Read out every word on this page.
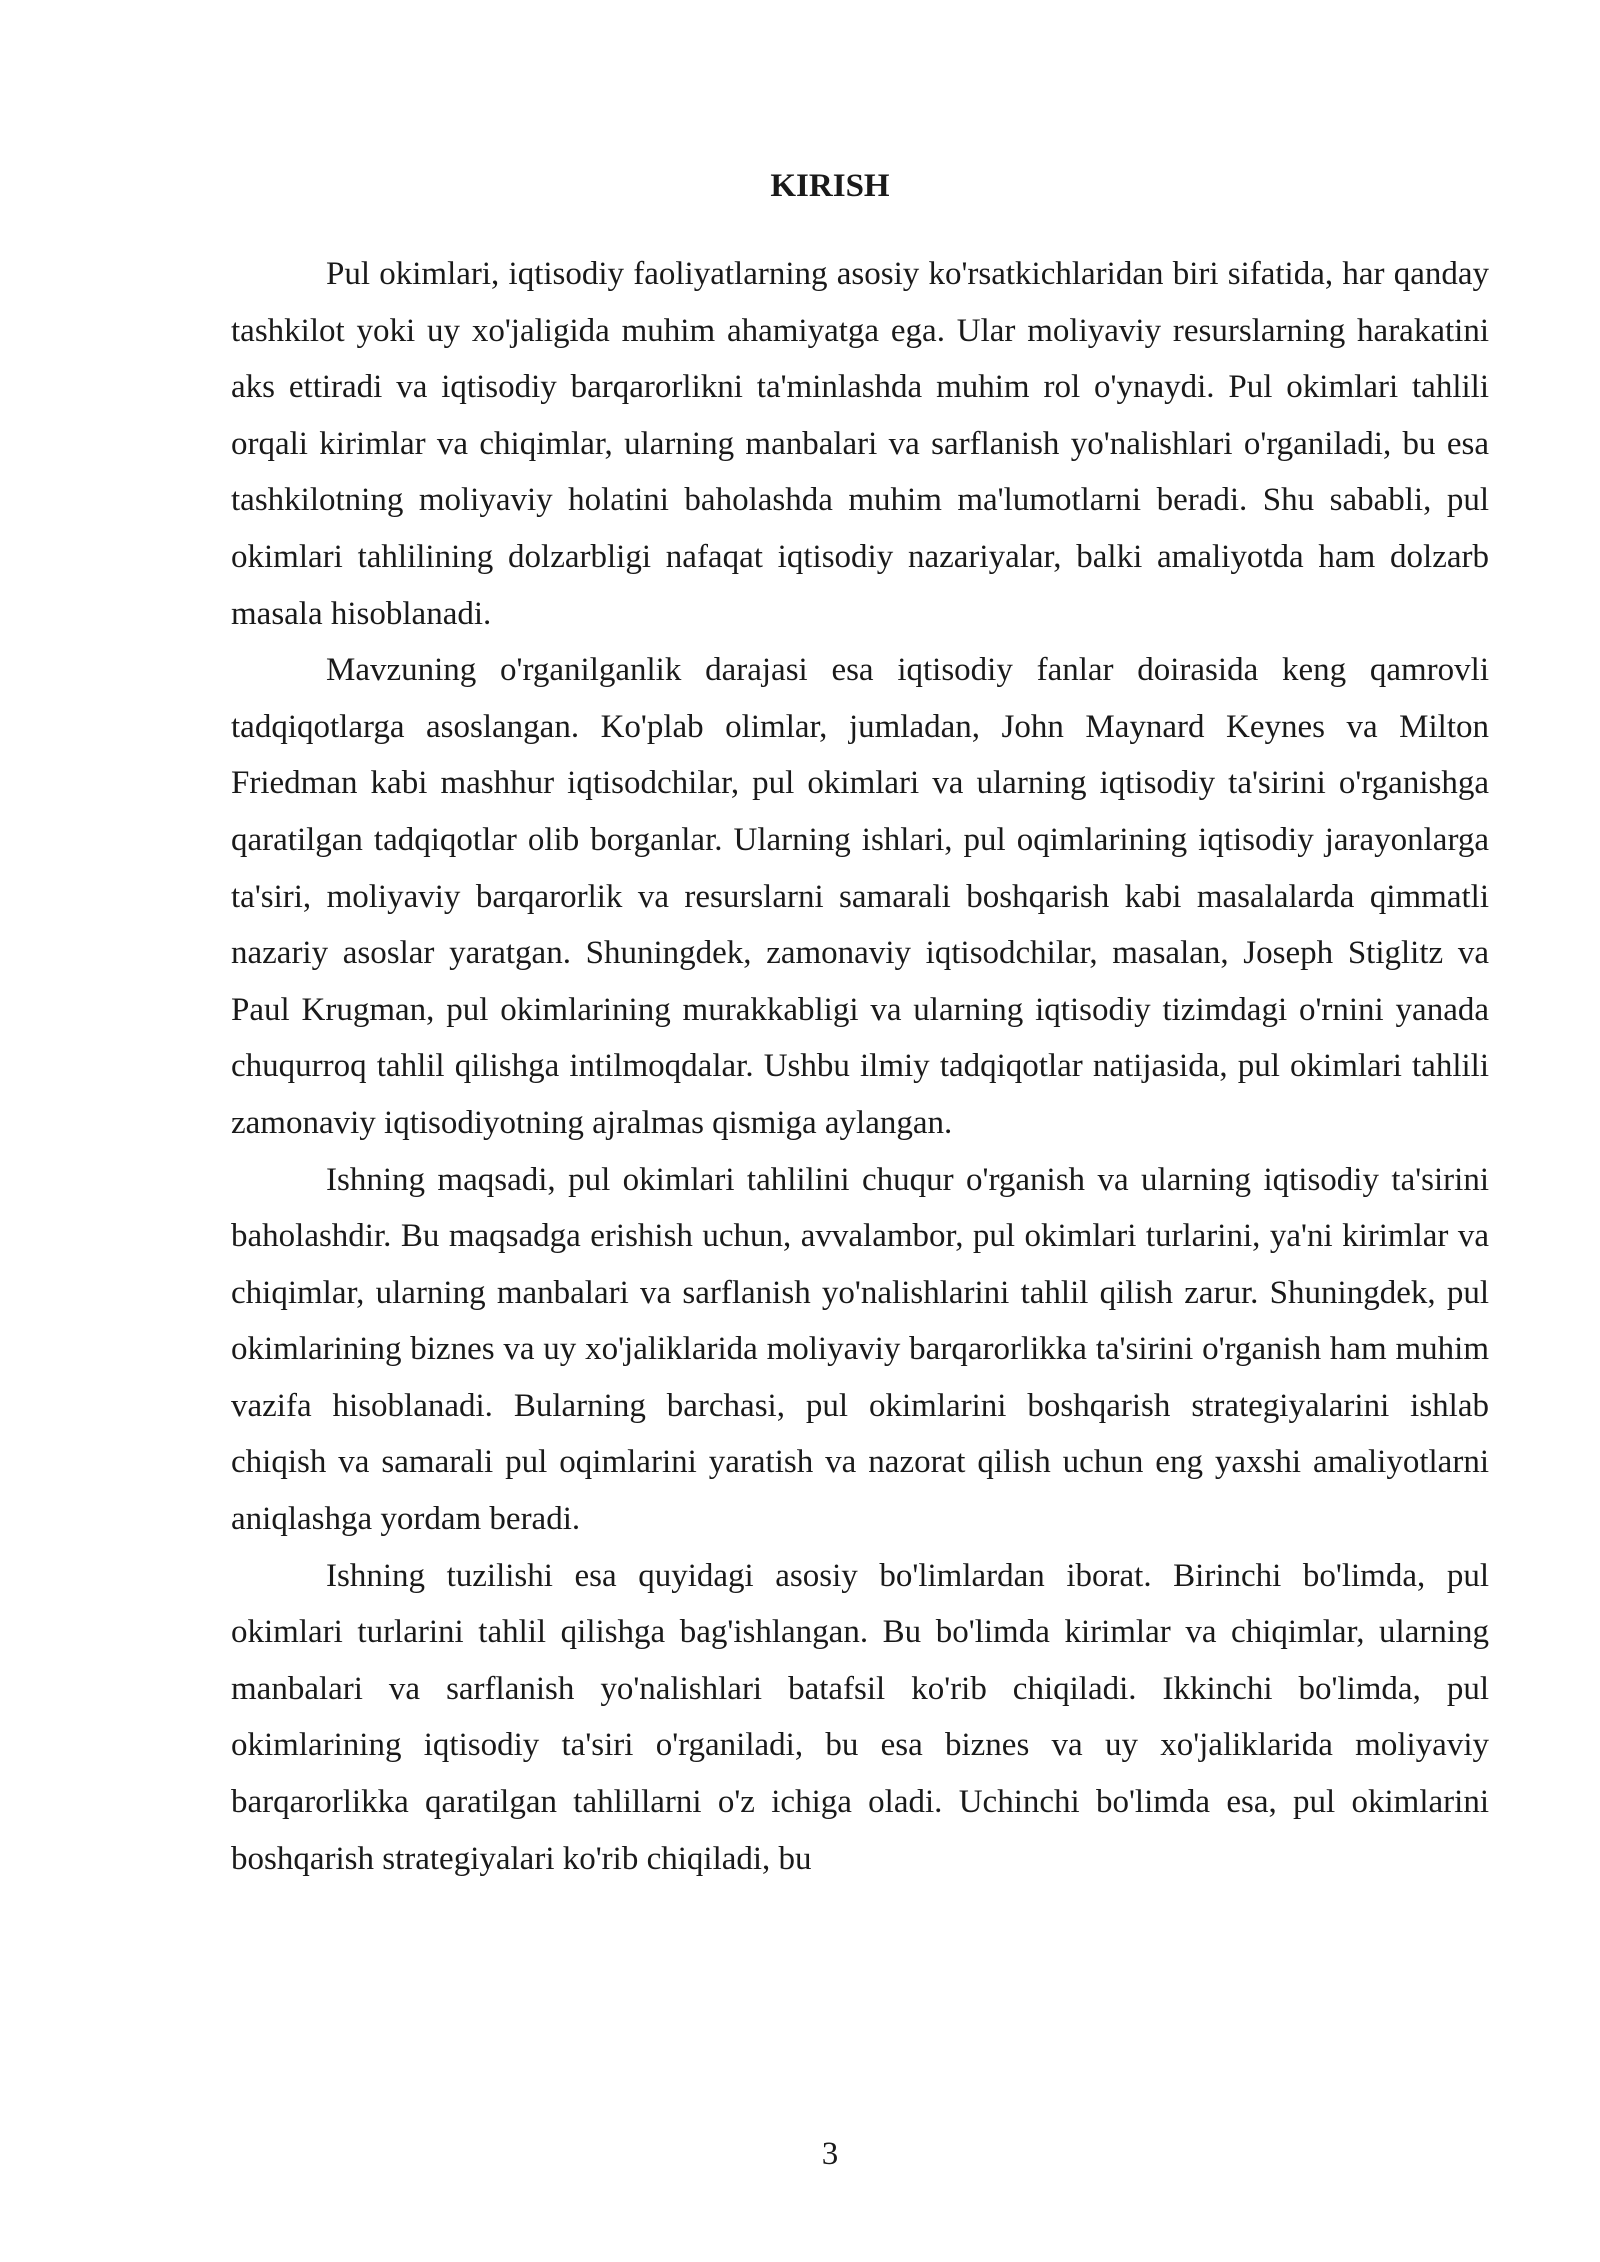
KIRISH

Pul okimlari, iqtisodiy faoliyatlarning asosiy ko'rsatkichlaridan biri sifatida, har qanday tashkilot yoki uy xo'jaligida muhim ahamiyatga ega. Ular moliyaviy resurslarning harakatini aks ettiradi va iqtisodiy barqarorlikni ta'minlashda muhim rol o'ynaydi. Pul okimlari tahlili orqali kirimlar va chiqimlar, ularning manbalari va sarflanish yo'nalishlari o'rganiladi, bu esa tashkilotning moliyaviy holatini baholashda muhim ma'lumotlarni beradi. Shu sababli, pul okimlari tahlilining dolzarbligi nafaqat iqtisodiy nazariyalar, balki amaliyotda ham dolzarb masala hisoblanadi.

Mavzuning o'rganilganlik darajasi esa iqtisodiy fanlar doirasida keng qamrovli tadqiqotlarga asoslangan. Ko'plab olimlar, jumladan, John Maynard Keynes va Milton Friedman kabi mashhur iqtisodchilar, pul okimlari va ularning iqtisodiy ta'sirini o'rganishga qaratilgan tadqiqotlar olib borganlar. Ularning ishlari, pul oqimlarining iqtisodiy jarayonlarga ta'siri, moliyaviy barqarorlik va resurslarni samarali boshqarish kabi masalalarda qimmatli nazariy asoslar yaratgan. Shuningdek, zamonaviy iqtisodchilar, masalan, Joseph Stiglitz va Paul Krugman, pul okimlarining murakkabligi va ularning iqtisodiy tizimdagi o'rnini yanada chuqurroq tahlil qilishga intilmoqdalar. Ushbu ilmiy tadqiqotlar natijasida, pul okimlari tahlili zamonaviy iqtisodiyotning ajralmas qismiga aylangan.

Ishning maqsadi, pul okimlari tahlilini chuqur o'rganish va ularning iqtisodiy ta'sirini baholashdir. Bu maqsadga erishish uchun, avvalambor, pul okimlari turlarini, ya'ni kirimlar va chiqimlar, ularning manbalari va sarflanish yo'nalishlarini tahlil qilish zarur. Shuningdek, pul okimlarining biznes va uy xo'jaliklarida moliyaviy barqarorlikka ta'sirini o'rganish ham muhim vazifa hisoblanadi. Bularning barchasi, pul okimlarini boshqarish strategiyalarini ishlab chiqish va samarali pul oqimlarini yaratish va nazorat qilish uchun eng yaxshi amaliyotlarni aniqlashga yordam beradi.

Ishning tuzilishi esa quyidagi asosiy bo'limlardan iborat. Birinchi bo'limda, pul okimlari turlarini tahlil qilishga bag'ishlangan. Bu bo'limda kirimlar va chiqimlar, ularning manbalari va sarflanish yo'nalishlari batafsil ko'rib chiqiladi. Ikkinchi bo'limda, pul okimlarining iqtisodiy ta'siri o'rganiladi, bu esa biznes va uy xo'jaliklarida moliyaviy barqarorlikka qaratilgan tahlillarni o'z ichiga oladi. Uchinchi bo'limda esa, pul okimlarini boshqarish strategiyalari ko'rib chiqiladi, bu

3
